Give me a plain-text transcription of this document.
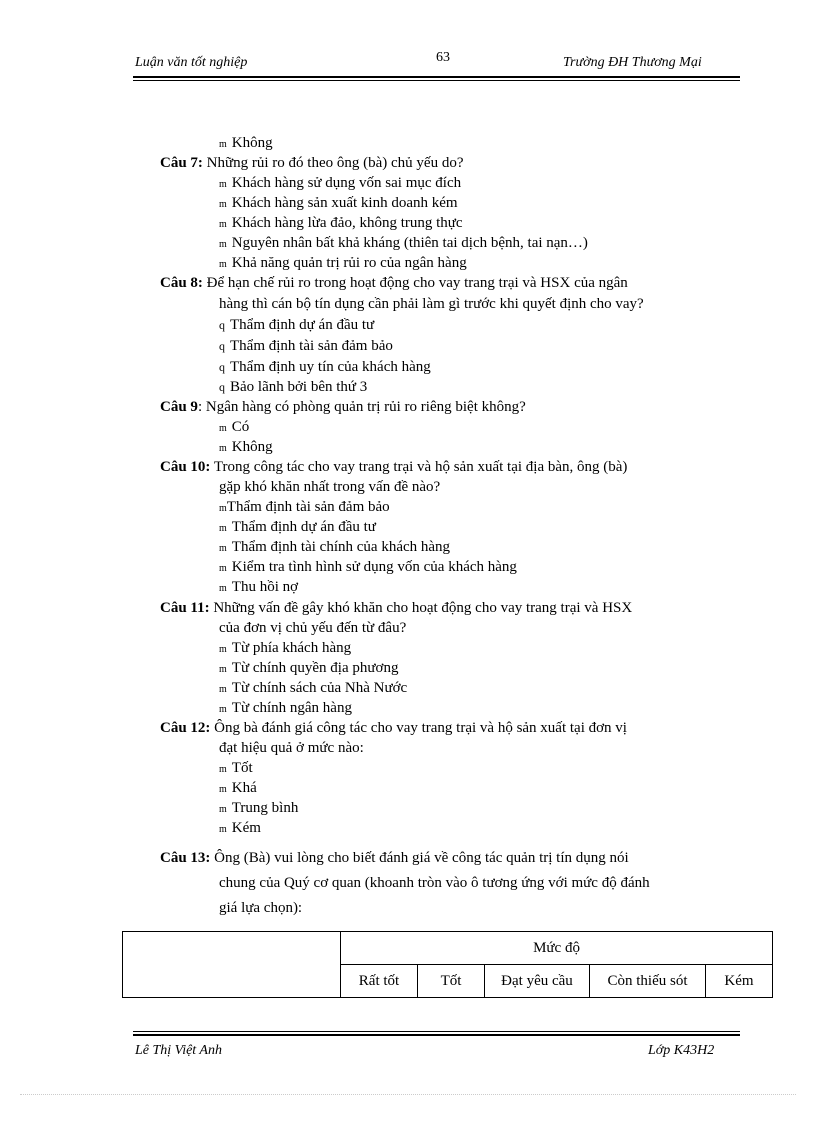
Luận văn tốt nghiệp	63	Trường ĐH Thương Mại
m Không
Câu 7: Những rủi ro đó theo ông (bà) chủ yếu do?
m Khách hàng sử dụng vốn sai mục đích
m Khách hàng sản xuất kinh doanh kém
m Khách hàng lừa đảo, không trung thực
m Nguyên nhân bất khả kháng (thiên tai dịch bệnh, tai nạn…)
m Khả năng quản trị rủi ro của ngân hàng
Câu 8: Để hạn chế rủi ro trong hoạt động cho vay trang trại và HSX của ngân
hàng thì cán bộ tín dụng cần phải làm gì trước khi quyết định cho vay?
q Thẩm định dự án đầu tư
q Thẩm định tài sản đảm bảo
q Thẩm định uy tín của khách hàng
q Bảo lãnh bởi bên thứ 3
Câu 9: Ngân hàng có phòng quản trị rủi ro riêng biệt không?
m Có
m Không
Câu 10: Trong công tác cho vay trang trại và hộ sản xuất tại địa bàn, ông (bà)
gặp khó khăn nhất trong vấn đề nào?
mThẩm định tài sản đảm bảo
m Thẩm định dự án đầu tư
m Thẩm định tài chính của khách hàng
m Kiểm tra tình hình sử dụng vốn của khách hàng
m Thu hồi nợ
Câu 11: Những vấn đề gây khó khăn cho hoạt động cho vay trang trại và HSX
của đơn vị chủ yếu đến từ đâu?
m Từ phía khách hàng
m Từ chính quyền địa phương
m Từ chính sách của Nhà Nước
m Từ chính ngân hàng
Câu 12: Ông bà đánh giá công tác cho vay trang trại và hộ sản xuất tại đơn vị
đạt hiệu quả ở mức nào:
m Tốt
m Khá
m Trung bình
m Kém
Câu 13: Ông (Bà) vui lòng cho biết đánh giá về công tác quản trị tín dụng nói
chung của Quý cơ quan (khoanh tròn vào ô tương ứng với mức độ đánh
giá lựa chọn):
	Mức độ				
	Rất tốt	Tốt	Đạt yêu cầu	Còn thiếu sót	Kém
Lê Thị Việt Anh	Lớp K43H2
